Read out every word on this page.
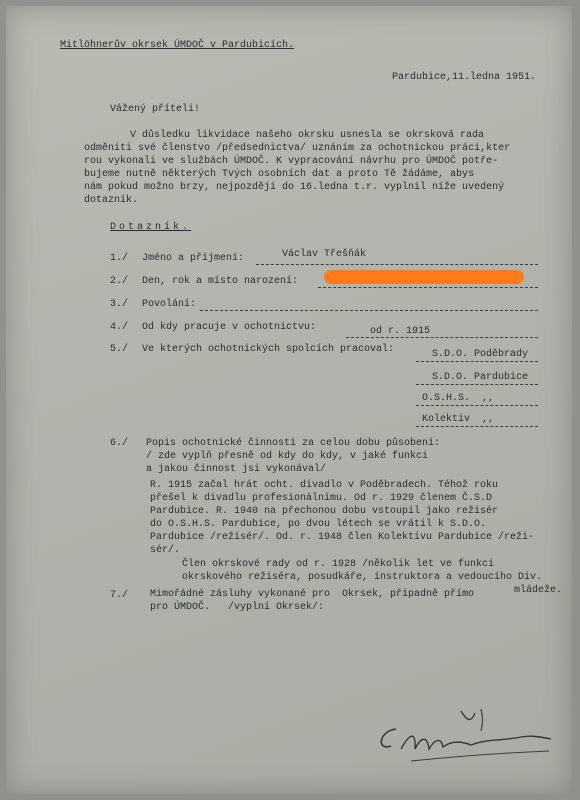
Mitlöhnerův okrsek ÚMDOČ v Pardubicích.
Pardubice,11.ledna 1951.
Vážený příteli!
V důsledku likvidace našeho okrsku usnesla se okrsková rada
odměniti své členstvo /předsednictva/ uznáním za ochotnickou práci,kter
rou vykonali ve službách ÚMDOČ. K vypracování návrhu pro ÚMDOČ potře-
bujeme nutně některých Tvých osobních dat a proto Tě žádáme, abys
nám pokud možno brzy, nejpozději do 16.ledna t.r. vyplnil níže uvedený
dotazník.
Dotazník.
1./ Jméno a příjmení:	Václav Třešňák
2./ Den, rok a místo narození:
3./ Povolání:
4./ Od kdy pracuje v ochotnictvu:	od r. 1915
5./ Ve kterých ochotnických spolcích pracoval:	S.D.O. Poděbrady
S.D.O. Pardubice
O.S.H.S.  ,,
Kolektiv  ,,
6./ Popis ochotnické činnosti za celou dobu působení:
/ zde vyplň přesně od kdy do kdy, v jaké funkci
a jakou činnost jsi vykonával/
R. 1915 začal hrát ocht. divadlo v Poděbradech. Téhož roku
přešel k divadlu profesionálnímu. Od r. 1929 členem Č.S.D
Pardubice. R. 1940 na přechonou dobu vstoupil jako režisér
do O.S.H.S. Pardubice, po dvou létech se vrátil k S.D.O.
Pardubice /režisér/. Od. r. 1948 člen Kolektivu Pardubice /reži-
sér/.
Člen okrskové rady od r. 1928 /několik let ve funkci
okrskového režiséra, posudkáře, instruktora a vedoucího Div.
mládeže.
7./ Mimořádné zásluhy vykonané pro  Okrsek, případně přímo
pro ÚMDOČ.   /vyplní Okrsek/:
